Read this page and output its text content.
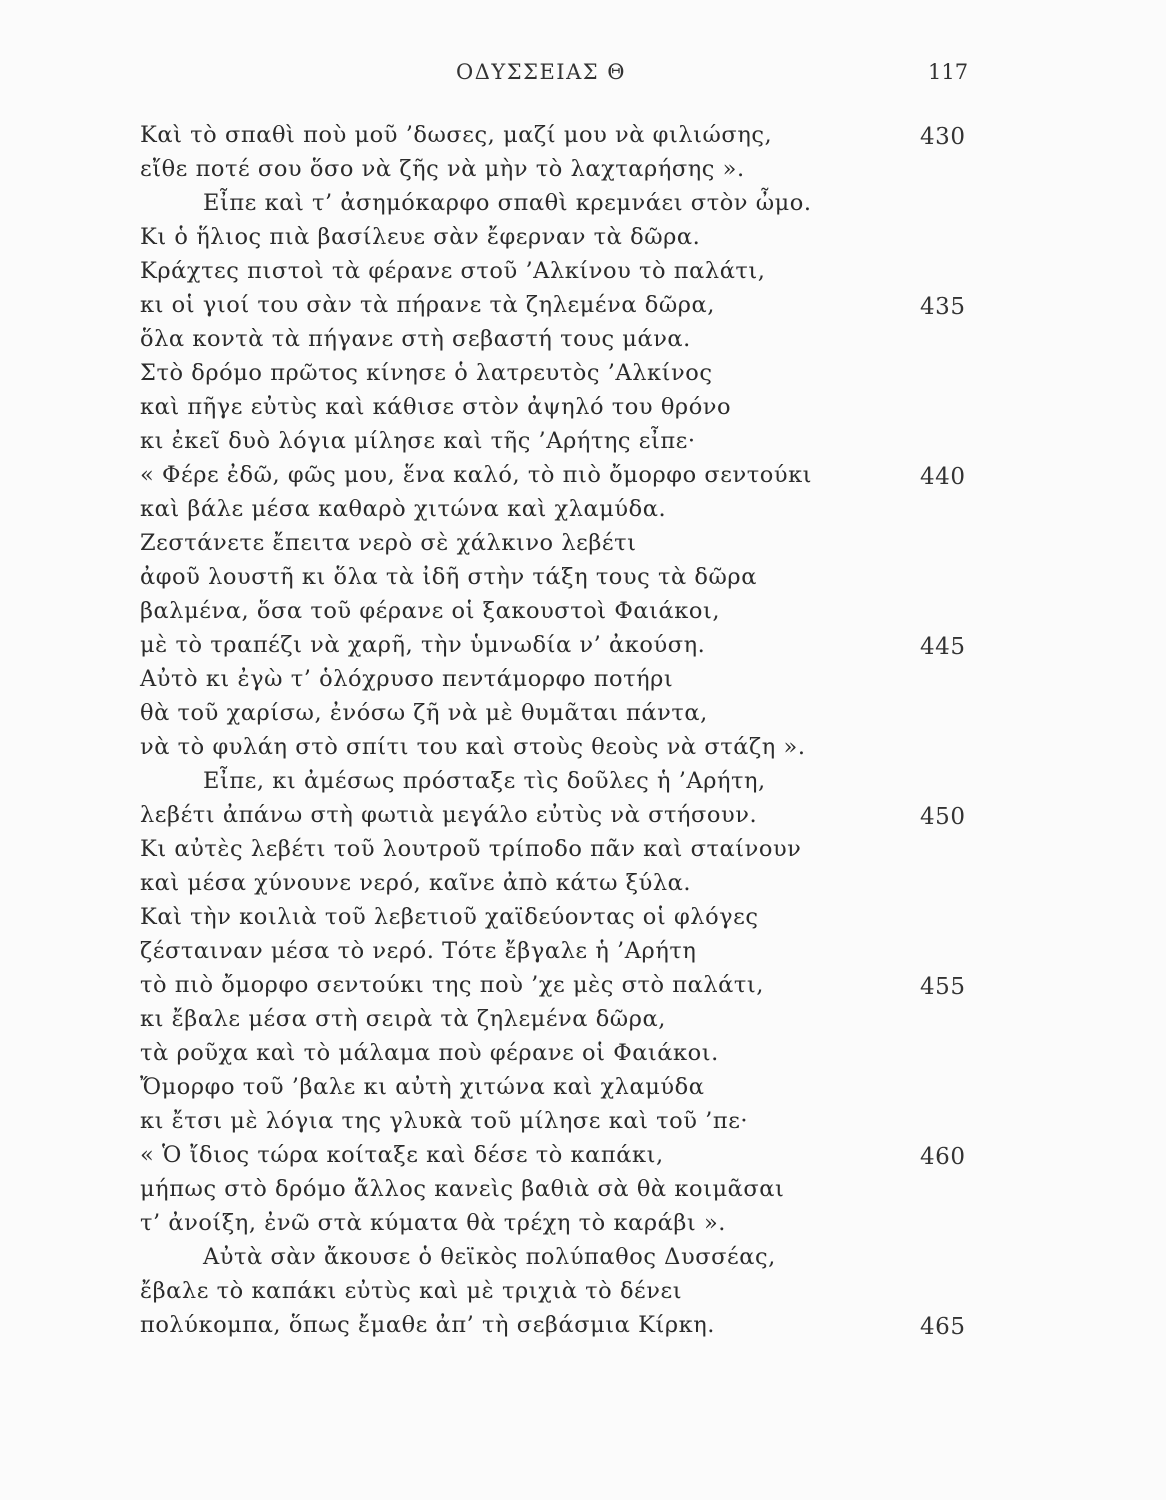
ΟΔΥΣΣΕΙΑΣ Θ	117
Καὶ τὸ σπαθὶ ποὺ μοῦ ’δωσες, μαζί μου νὰ φιλιώσης,	430
εἴθε ποτέ σου ὅσο νὰ ζῆς νὰ μὴν τὸ λαχταρήσης ».
Εἶπε καὶ τ’ ἀσημόκαρφο σπαθὶ κρεμνάει στὸν ὦμο.
Κι ὁ ἥλιος πιὰ βασίλευε σὰν ἔφερναν τὰ δῶρα.
Κράχτες πιστοὶ τὰ φέρανε στοῦ ’Αλκίνου τὸ παλάτι,
κι οἱ γιοί του σὰν τὰ πήρανε τὰ ζηλεμένα δῶρα,	435
ὅλα κοντὰ τὰ πήγανε στὴ σεβαστή τους μάνα.
Στὸ δρόμο πρῶτος κίνησε ὁ λατρευτὸς ’Αλκίνος
καὶ πῆγε εὐτὺς καὶ κάθισε στὸν ἀψηλό του θρόνο
κι ἐκεῖ δυὸ λόγια μίλησε καὶ τῆς ’Αρήτης εἶπε·
« Φέρε ἐδῶ, φῶς μου, ἕνα καλό, τὸ πιὸ ὄμορφο σεντούκι	440
καὶ βάλε μέσα καθαρὸ χιτώνα καὶ χλαμύδα.
Ζεστάνετε ἔπειτα νερὸ σὲ χάλκινο λεβέτι
ἀφοῦ λουστῆ κι ὅλα τὰ ἰδῆ στὴν τάξη τους τὰ δῶρα
βαλμένα, ὅσα τοῦ φέρανε οἱ ξακουστοὶ Φαιάκοι,
μὲ τὸ τραπέζι νὰ χαρῆ, τὴν ὑμνωδία ν’ ἀκούση.	445
Αὐτὸ κι ἐγὼ τ’ ὁλόχρυσο πεντάμορφο ποτήρι
θὰ τοῦ χαρίσω, ἐνόσω ζῆ νὰ μὲ θυμᾶται πάντα,
νὰ τὸ φυλάη στὸ σπίτι του καὶ στοὺς θεοὺς νὰ στάζη ».
Εἶπε, κι ἀμέσως πρόσταξε τὶς δοῦλες ἡ ’Αρήτη,
λεβέτι ἀπάνω στὴ φωτιὰ μεγάλο εὐτὺς νὰ στήσουν.	450
Κι αὐτὲς λεβέτι τοῦ λουτροῦ τρίποδο πᾶν καὶ σταίνουν
καὶ μέσα χύνουνε νερό, καῖνε ἀπὸ κάτω ξύλα.
Καὶ τὴν κοιλιὰ τοῦ λεβετιοῦ χαϊδεύοντας οἱ φλόγες
ζέσταιναν μέσα τὸ νερό. Τότε ἔβγαλε ἡ ’Αρήτη
τὸ πιὸ ὄμορφο σεντούκι της ποὺ ’χε μὲς στὸ παλάτι,	455
κι ἔβαλε μέσα στὴ σειρὰ τὰ ζηλεμένα δῶρα,
τὰ ροῦχα καὶ τὸ μάλαμα ποὺ φέρανε οἱ Φαιάκοι.
Ὄμορφο τοῦ ’βαλε κι αὐτὴ χιτώνα καὶ χλαμύδα
κι ἔτσι μὲ λόγια της γλυκὰ τοῦ μίλησε καὶ τοῦ ’πε·
« Ὁ ἴδιος τώρα κοίταξε καὶ δέσε τὸ καπάκι,	460
μήπως στὸ δρόμο ἄλλος κανεὶς βαθιὰ σὰ θὰ κοιμᾶσαι
τ’ ἀνοίξη, ἐνῶ στὰ κύματα θὰ τρέχη τὸ καράβι ».
Αὐτὰ σὰν ἄκουσε ὁ θεϊκὸς πολύπαθος Δυσσέας,
ἔβαλε τὸ καπάκι εὐτὺς καὶ μὲ τριχιὰ τὸ δένει
πολύκομπα, ὅπως ἔμαθε ἀπ’ τὴ σεβάσμια Κίρκη.	465
